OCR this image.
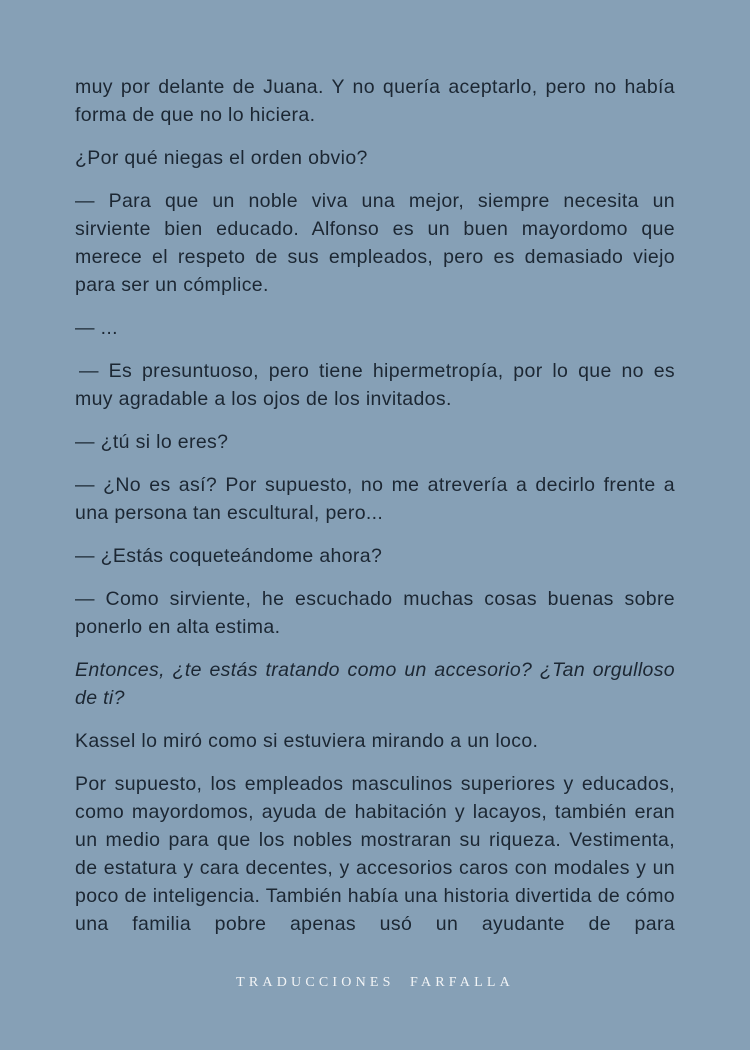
muy por delante de Juana. Y no quería aceptarlo, pero no había forma de que no lo hiciera.

¿Por qué niegas el orden obvio?

— Para que un noble viva una mejor, siempre necesita un sirviente bien educado. Alfonso es un buen mayordomo que merece el respeto de sus empleados, pero es demasiado viejo para ser un cómplice.

— ...

— Es presuntuoso, pero tiene hipermetropía, por lo que no es muy agradable a los ojos de los invitados.

— ¿tú si lo eres?

— ¿No es así? Por supuesto, no me atrevería a decirlo frente a una persona tan escultural, pero...

— ¿Estás coqueteándome ahora?

— Como sirviente, he escuchado muchas cosas buenas sobre ponerlo en alta estima.

Entonces, ¿te estás tratando como un accesorio? ¿Tan orgulloso de ti?

Kassel lo miró como si estuviera mirando a un loco.

Por supuesto, los empleados masculinos superiores y educados, como mayordomos, ayuda de habitación y lacayos, también eran un medio para que los nobles mostraran su riqueza. Vestimenta, de estatura y cara decentes, y accesorios caros con modales y un poco de inteligencia. También había una historia divertida de cómo una familia pobre apenas usó un ayudante de para

TRADUCCIONES  FARFALLA
